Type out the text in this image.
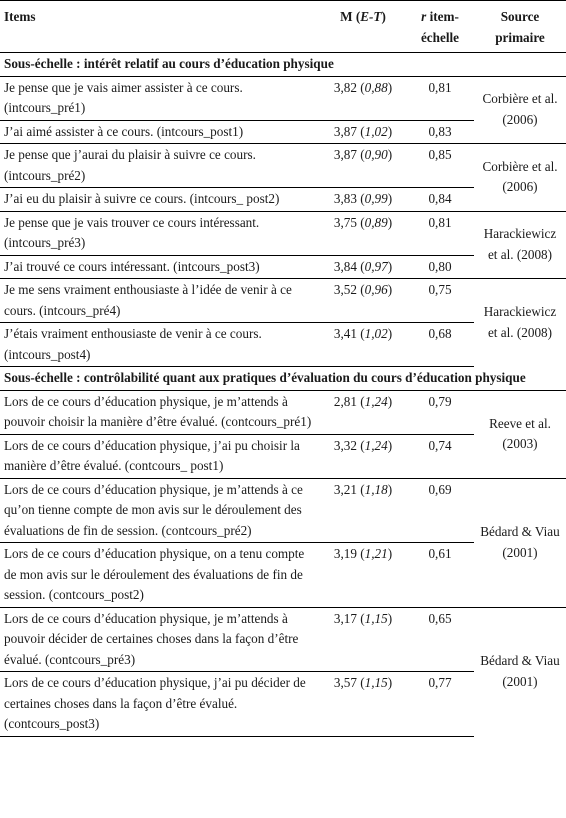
Items	M (E-T)	r item-échelle	Source primaire
Sous-échelle : intérêt relatif au cours d’éducation physique			
Je pense que je vais aimer assister à ce cours. (intcours_pré1)	3,82 (0,88)	0,81	Corbière et al. (2006)
J’ai aimé assister à ce cours. (intcours_post1)	3,87 (1,02)	0,83	
Je pense que j’aurai du plaisir à suivre ce cours. (intcours_pré2)	3,87 (0,90)	0,85	Corbière et al. (2006)
J’ai eu du plaisir à suivre ce cours. (intcours_ post2)	3,83 (0,99)	0,84	
Je pense que je vais trouver ce cours intéressant. (intcours_pré3)	3,75 (0,89)	0,81	Harackiewicz et al. (2008)
J’ai trouvé ce cours intéressant. (intcours_post3)	3,84 (0,97)	0,80	
Je me sens vraiment enthousiaste à l’idée de venir à ce cours. (intcours_pré4)	3,52 (0,96)	0,75	Harackiewicz et al. (2008)
J’étais vraiment enthousiaste de venir à ce cours. (intcours_post4)	3,41 (1,02)	0,68	
Sous-échelle : contrôlabilité quant aux pratiques d’évaluation du cours d’éducation physique			
Lors de ce cours d’éducation physique, je m’attends à pouvoir choisir la manière d’être évalué. (contcours_pré1)	2,81 (1,24)	0,79	Reeve et al. (2003)
Lors de ce cours d’éducation physique, j’ai pu choisir la manière d’être évalué. (contcours_ post1)	3,32 (1,24)	0,74	
Lors de ce cours d’éducation physique, je m’attends à ce qu’on tienne compte de mon avis sur le déroulement des évaluations de fin de session. (contcours_pré2)	3,21 (1,18)	0,69	Bédard & Viau (2001)
Lors de ce cours d’éducation physique, on a tenu compte de mon avis sur le déroulement des évaluations de fin de session. (contcours_post2)	3,19 (1,21)	0,61	
Lors de ce cours d’éducation physique, je m’attends à pouvoir décider de certaines choses dans la façon d’être évalué. (contcours_pré3)	3,17 (1,15)	0,65	Bédard & Viau (2001)
Lors de ce cours d’éducation physique, j’ai pu décider de certaines choses dans la façon d’être évalué. (contcours_post3)	3,57 (1,15)	0,77	
